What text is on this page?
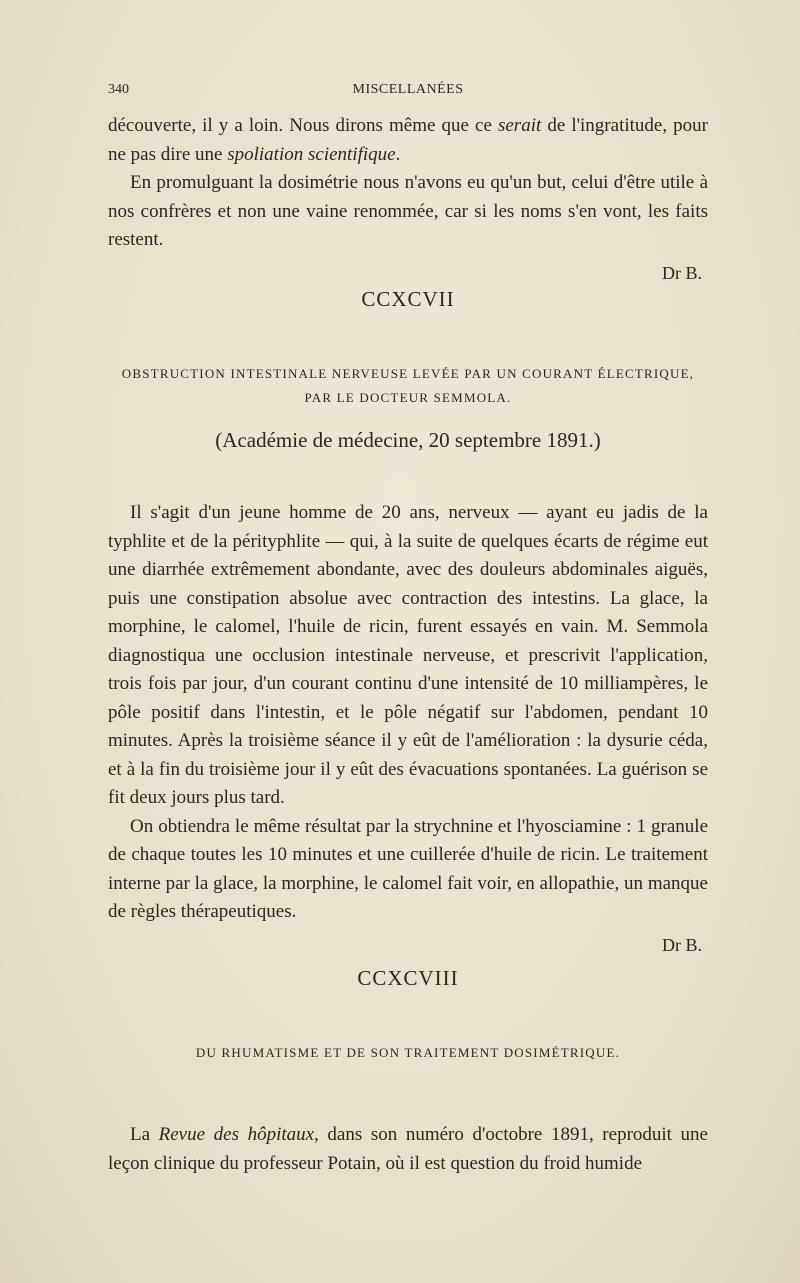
340	MISCELLANÉES

découverte, il y a loin. Nous dirons même que ce serait de l'ingratitude, pour ne pas dire une spoliation scientifique.

En promulguant la dosimétrie nous n'avons eu qu'un but, celui d'être utile à nos confrères et non une vaine renommée, car si les noms s'en vont, les faits restent.

Dr B.

CCXCVII
OBSTRUCTION INTESTINALE NERVEUSE LEVÉE PAR UN COURANT ÉLECTRIQUE,
PAR LE DOCTEUR SEMMOLA.
(Académie de médecine, 20 septembre 1891.)

Il s'agit d'un jeune homme de 20 ans, nerveux — ayant eu jadis de la typhlite et de la pérityphlite — qui, à la suite de quelques écarts de régime eut une diarrhée extrêmement abondante, avec des douleurs abdominales aiguës, puis une constipation absolue avec contraction des intestins. La glace, la morphine, le calomel, l'huile de ricin, furent essayés en vain. M. Semmola diagnostiqua une occlusion intestinale nerveuse, et prescrivit l'application, trois fois par jour, d'un courant continu d'une intensité de 10 milliampères, le pôle positif dans l'intestin, et le pôle négatif sur l'abdomen, pendant 10 minutes. Après la troisième séance il y eût de l'amélioration : la dysurie céda, et à la fin du troisième jour il y eût des évacuations spontanées. La guérison se fit deux jours plus tard.

On obtiendra le même résultat par la strychnine et l'hyosciamine : 1 granule de chaque toutes les 10 minutes et une cuillerée d'huile de ricin. Le traitement interne par la glace, la morphine, le calomel fait voir, en allopathie, un manque de règles thérapeutiques.

Dr B.

CCXCVIII
DU RHUMATISME ET DE SON TRAITEMENT DOSIMÉTRIQUE.

La Revue des hôpitaux, dans son numéro d'octobre 1891, reproduit une leçon clinique du professeur Potain, où il est question du froid humide
